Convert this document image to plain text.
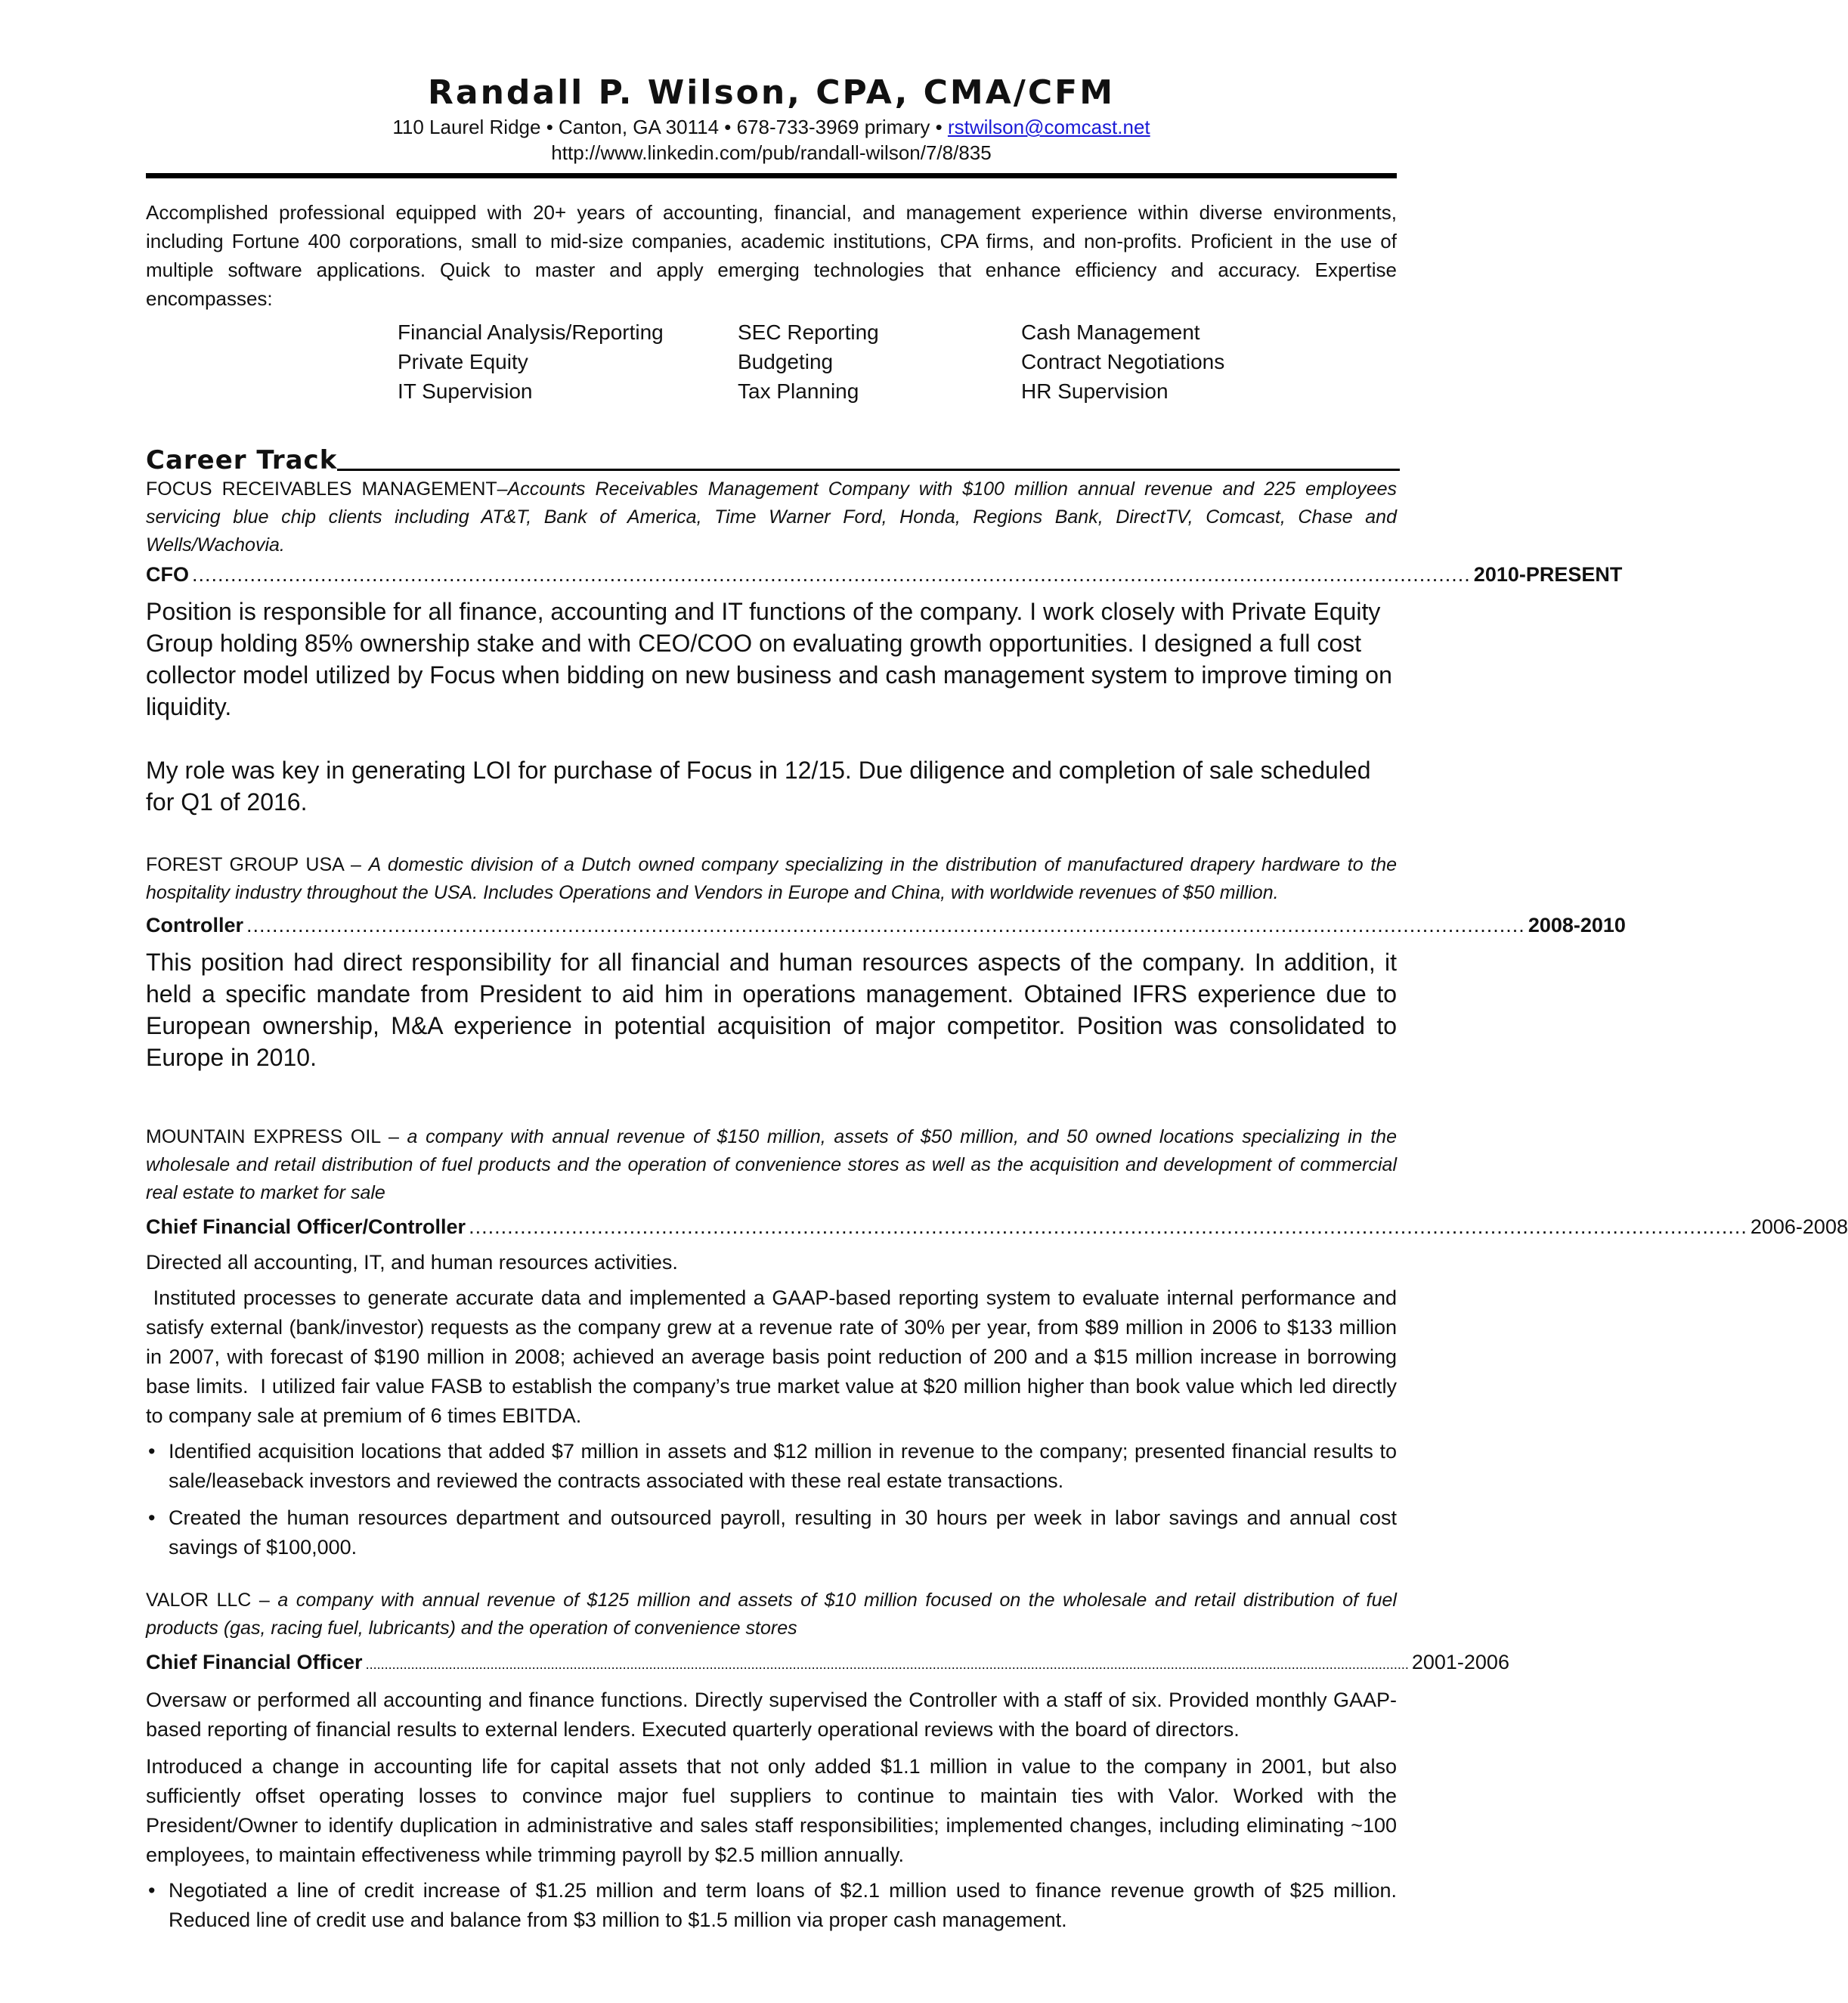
Randall P. Wilson, CPA, CMA/CFM
110 Laurel Ridge • Canton, GA 30114 • 678-733-3969 primary • rstwilson@comcast.net
http://www.linkedin.com/pub/randall-wilson/7/8/835
Accomplished professional equipped with 20+ years of accounting, financial, and management experience within diverse environments, including Fortune 400 corporations, small to mid-size companies, academic institutions, CPA firms, and non-profits. Proficient in the use of multiple software applications. Quick to master and apply emerging technologies that enhance efficiency and accuracy. Expertise encompasses:
Financial Analysis/Reporting	SEC Reporting	Cash Management
Private Equity	Budgeting	Contract Negotiations
IT Supervision	Tax Planning	HR Supervision
Career Track
FOCUS RECEIVABLES MANAGEMENT–Accounts Receivables Management Company with $100 million annual revenue and 225 employees servicing blue chip clients including AT&T, Bank of America, Time Warner Ford, Honda, Regions Bank, DirectTV, Comcast, Chase and Wells/Wachovia.
CFO ....................................................................................................................................................................................................... 2010-PRESENT
Position is responsible for all finance, accounting and IT functions of the company. I work closely with Private Equity Group holding 85% ownership stake and with CEO/COO on evaluating growth opportunities. I designed a full cost collector model utilized by Focus when bidding on new business and cash management system to improve timing on liquidity.
My role was key in generating LOI for purchase of Focus in 12/15. Due diligence and completion of sale scheduled for Q1 of 2016.
FOREST GROUP USA – A domestic division of a Dutch owned company specializing in the distribution of manufactured drapery hardware to the hospitality industry throughout the USA. Includes Operations and Vendors in Europe and China, with worldwide revenues of $50 million.
Controller ....................................................................................................................................................................................................... 2008-2010
This position had direct responsibility for all financial and human resources aspects of the company. In addition, it held a specific mandate from President to aid him in operations management. Obtained IFRS experience due to European ownership, M&A experience in potential acquisition of major competitor. Position was consolidated to Europe in 2010.
MOUNTAIN EXPRESS OIL – a company with annual revenue of $150 million, assets of $50 million, and 50 owned locations specializing in the wholesale and retail distribution of fuel products and the operation of convenience stores as well as the acquisition and development of commercial real estate to market for sale
Chief Financial Officer/Controller ....................................................................................................................................................................................................... 2006-2008
Directed all accounting, IT, and human resources activities.
Instituted processes to generate accurate data and implemented a GAAP-based reporting system to evaluate internal performance and satisfy external (bank/investor) requests as the company grew at a revenue rate of 30% per year, from $89 million in 2006 to $133 million in 2007, with forecast of $190 million in 2008; achieved an average basis point reduction of 200 and a $15 million increase in borrowing base limits.  I utilized fair value FASB to establish the company’s true market value at $20 million higher than book value which led directly to company sale at premium of 6 times EBITDA.
• Identified acquisition locations that added $7 million in assets and $12 million in revenue to the company; presented financial results to sale/leaseback investors and reviewed the contracts associated with these real estate transactions.
• Created the human resources department and outsourced payroll, resulting in 30 hours per week in labor savings and annual cost savings of $100,000.
VALOR LLC – a company with annual revenue of $125 million and assets of $10 million focused on the wholesale and retail distribution of fuel products (gas, racing fuel, lubricants) and the operation of convenience stores
Chief Financial Officer .................................................................................................................................................................................................................................................................................... 2001-2006
Oversaw or performed all accounting and finance functions. Directly supervised the Controller with a staff of six. Provided monthly GAAP-based reporting of financial results to external lenders. Executed quarterly operational reviews with the board of directors.
Introduced a change in accounting life for capital assets that not only added $1.1 million in value to the company in 2001, but also sufficiently offset operating losses to convince major fuel suppliers to continue to maintain ties with Valor. Worked with the President/Owner to identify duplication in administrative and sales staff responsibilities; implemented changes, including eliminating ~100 employees, to maintain effectiveness while trimming payroll by $2.5 million annually.
• Negotiated a line of credit increase of $1.25 million and term loans of $2.1 million used to finance revenue growth of $25 million. Reduced line of credit use and balance from $3 million to $1.5 million via proper cash management.
